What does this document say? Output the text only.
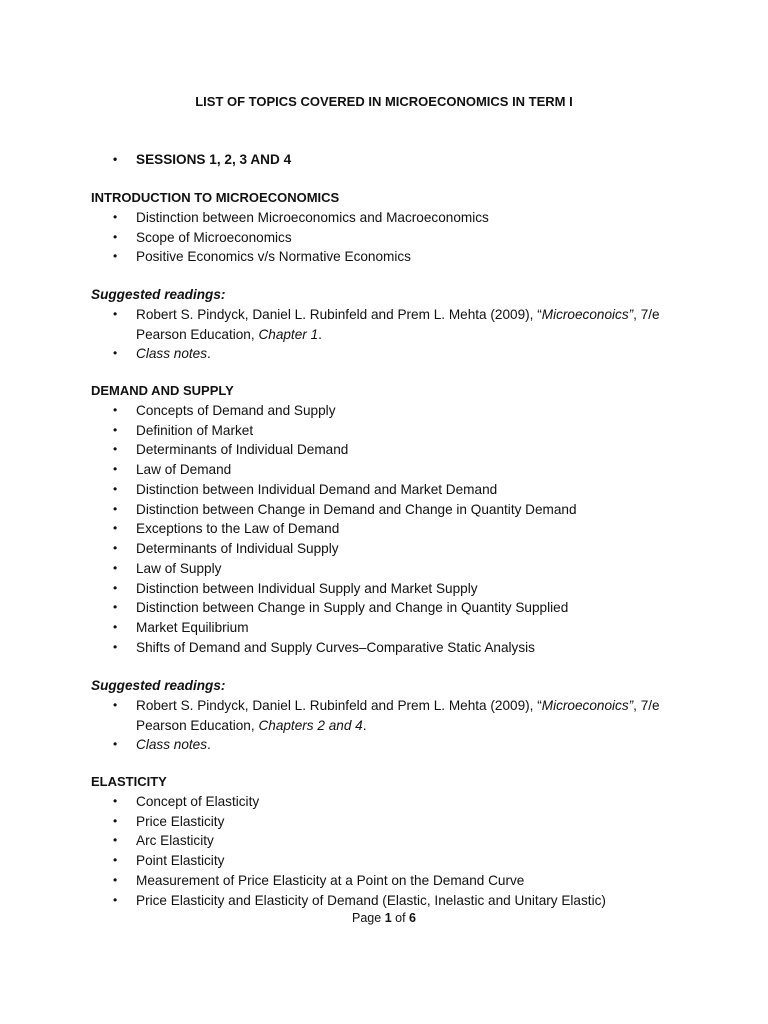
LIST OF TOPICS COVERED IN MICROECONOMICS IN TERM I
• SESSIONS 1, 2, 3 AND 4
INTRODUCTION TO MICROECONOMICS
• Distinction between Microeconomics and Macroeconomics
• Scope of Microeconomics
• Positive Economics v/s Normative Economics
Suggested readings:
• Robert S. Pindyck, Daniel L. Rubinfeld and Prem L. Mehta (2009), “Microeconoics”, 7/e
Pearson Education, Chapter 1.
• Class notes.
DEMAND AND SUPPLY
• Concepts of Demand and Supply
• Definition of Market
• Determinants of Individual Demand
• Law of Demand
• Distinction between Individual Demand and Market Demand
• Distinction between Change in Demand and Change in Quantity Demand
• Exceptions to the Law of Demand
• Determinants of Individual Supply
• Law of Supply
• Distinction between Individual Supply and Market Supply
• Distinction between Change in Supply and Change in Quantity Supplied
• Market Equilibrium
• Shifts of Demand and Supply Curves–Comparative Static Analysis
Suggested readings:
• Robert S. Pindyck, Daniel L. Rubinfeld and Prem L. Mehta (2009), “Microeconoics”, 7/e
Pearson Education, Chapters 2 and 4.
• Class notes.
ELASTICITY
• Concept of Elasticity
• Price Elasticity
• Arc Elasticity
• Point Elasticity
• Measurement of Price Elasticity at a Point on the Demand Curve
• Price Elasticity and Elasticity of Demand (Elastic, Inelastic and Unitary Elastic)
Page 1 of 6
